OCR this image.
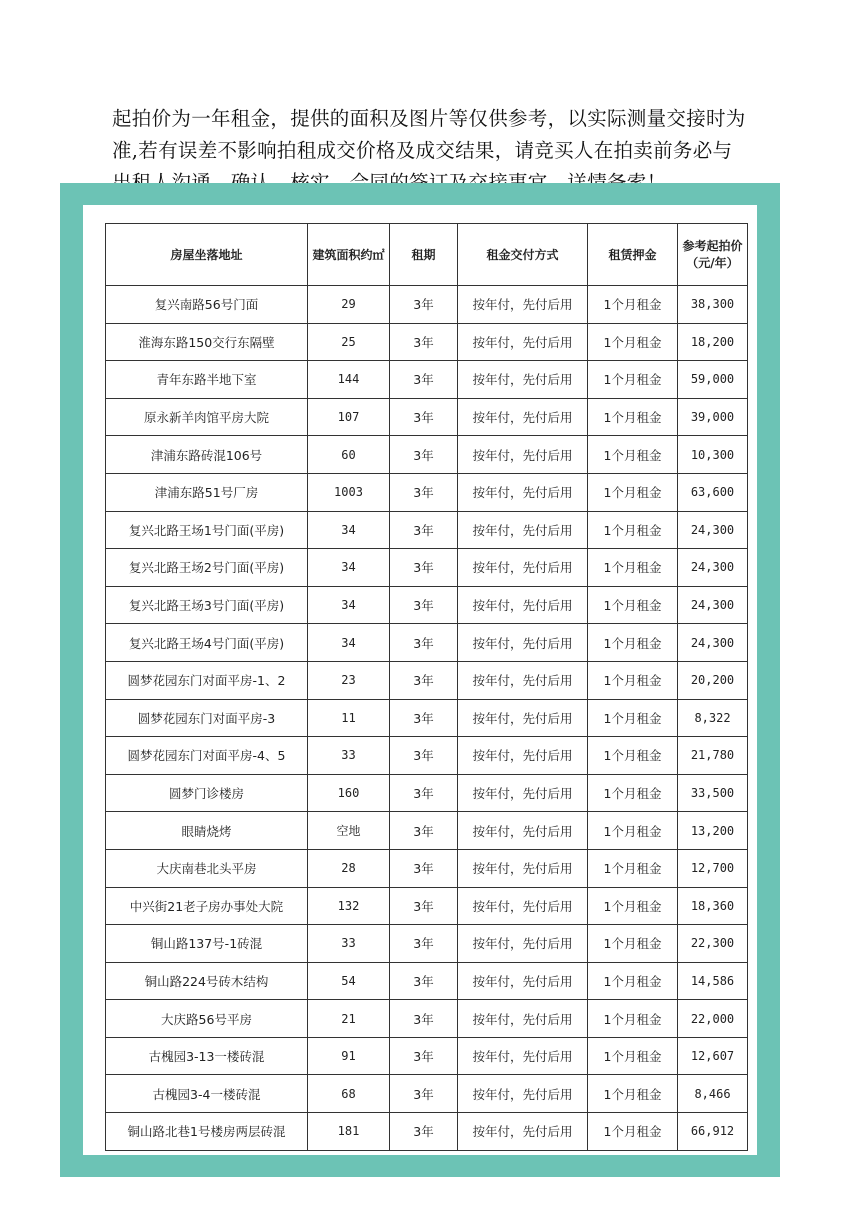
起拍价为一年租金，提供的面积及图片等仅供参考，以实际测量交接时为
准,若有误差不影响拍租成交价格及成交结果，请竞买人在拍卖前务必与
房屋坐落地址	建筑面积约㎡	租期	租金交付方式	租赁押金	参考起拍价
（元/年）
复兴南路56号门面	29	3年	按年付，先付后用	1个月租金	38,300
淮海东路150交行东隔壁	25	3年	按年付，先付后用	1个月租金	18,200
青年东路半地下室	144	3年	按年付，先付后用	1个月租金	59,000
原永新羊肉馆平房大院	107	3年	按年付，先付后用	1个月租金	39,000
津浦东路砖混106号	60	3年	按年付，先付后用	1个月租金	10,300
津浦东路51号厂房	1003	3年	按年付，先付后用	1个月租金	63,600
复兴北路王场1号门面(平房)	34	3年	按年付，先付后用	1个月租金	24,300
复兴北路王场2号门面(平房)	34	3年	按年付，先付后用	1个月租金	24,300
复兴北路王场3号门面(平房)	34	3年	按年付，先付后用	1个月租金	24,300
复兴北路王场4号门面(平房)	34	3年	按年付，先付后用	1个月租金	24,300
圆梦花园东门对面平房-1、2	23	3年	按年付，先付后用	1个月租金	20,200
圆梦花园东门对面平房-3	11	3年	按年付，先付后用	1个月租金	8,322
圆梦花园东门对面平房-4、5	33	3年	按年付，先付后用	1个月租金	21,780
圆梦门诊楼房	160	3年	按年付，先付后用	1个月租金	33,500
眼睛烧烤	空地	3年	按年付，先付后用	1个月租金	13,200
大庆南巷北头平房	28	3年	按年付，先付后用	1个月租金	12,700
中兴街21老子房办事处大院	132	3年	按年付，先付后用	1个月租金	18,360
铜山路137号-1砖混	33	3年	按年付，先付后用	1个月租金	22,300
铜山路224号砖木结构	54	3年	按年付，先付后用	1个月租金	14,586
大庆路56号平房	21	3年	按年付，先付后用	1个月租金	22,000
古槐园3-13一楼砖混	91	3年	按年付，先付后用	1个月租金	12,607
古槐园3-4一楼砖混	68	3年	按年付，先付后用	1个月租金	8,466
铜山路北巷1号楼房两层砖混	181	3年	按年付，先付后用	1个月租金	66,912
